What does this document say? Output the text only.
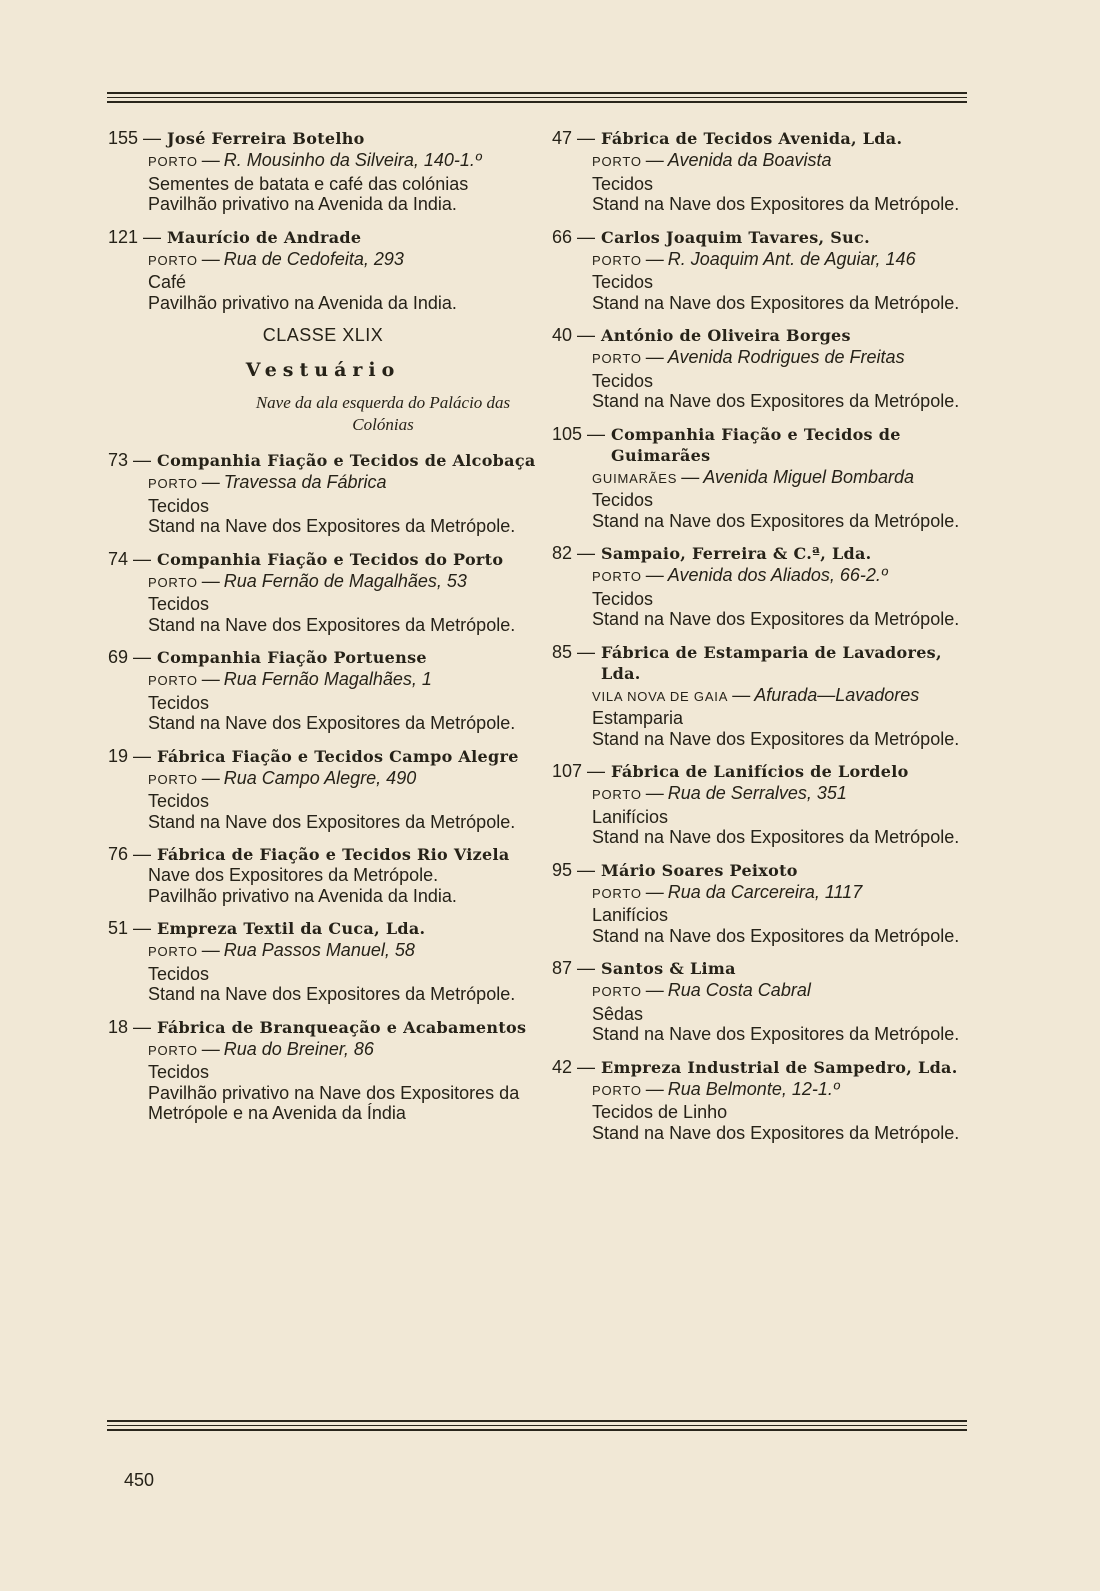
155 — José Ferreira Botelho
PORTO — R. Mousinho da Silveira, 140-1.º
Sementes de batata e café das colónias
Pavilhão privativo na Avenida da India.
121 — Maurício de Andrade
PORTO — Rua de Cedofeita, 293
Café
Pavilhão privativo na Avenida da India.
CLASSE XLIX
Vestuário
Nave da ala esquerda do Palácio das Colónias
73 — Companhia Fiação e Tecidos de Alcobaça
PORTO — Travessa da Fábrica
Tecidos
Stand na Nave dos Expositores da Metrópole.
74 — Companhia Fiação e Tecidos do Porto
PORTO — Rua Fernão de Magalhães, 53
Tecidos
Stand na Nave dos Expositores da Metrópole.
69 — Companhia Fiação Portuense
PORTO — Rua Fernão Magalhães, 1
Tecidos
Stand na Nave dos Expositores da Metrópole.
19 — Fábrica Fiação e Tecidos Campo Alegre
PORTO — Rua Campo Alegre, 490
Tecidos
Stand na Nave dos Expositores da Metrópole.
76 — Fábrica de Fiação e Tecidos Rio Vizela
Nave dos Expositores da Metrópole.
Pavilhão privativo na Avenida da India.
51 — Empreza Textil da Cuca, Lda.
PORTO — Rua Passos Manuel, 58
Tecidos
Stand na Nave dos Expositores da Metrópole.
18 — Fábrica de Branqueação e Acabamentos
PORTO — Rua do Breiner, 86
Tecidos
Pavilhão privativo na Nave dos Expositores da Metrópole e na Avenida da Índia
47 — Fábrica de Tecidos Avenida, Lda.
PORTO — Avenida da Boavista
Tecidos
Stand na Nave dos Expositores da Metrópole.
66 — Carlos Joaquim Tavares, Suc.
PORTO — R. Joaquim Ant. de Aguiar, 146
Tecidos
Stand na Nave dos Expositores da Metrópole.
40 — António de Oliveira Borges
PORTO — Avenida Rodrigues de Freitas
Tecidos
Stand na Nave dos Expositores da Metrópole.
105 — Companhia Fiação e Tecidos de Guimarães
GUIMARÃES — Avenida Miguel Bombarda
Tecidos
Stand na Nave dos Expositores da Metrópole.
82 — Sampaio, Ferreira & C.ª, Lda.
PORTO — Avenida dos Aliados, 66-2.º
Tecidos
Stand na Nave dos Expositores da Metrópole.
85 — Fábrica de Estamparia de Lavadores, Lda.
VILA NOVA DE GAIA — Afurada—Lavadores
Estamparia
Stand na Nave dos Expositores da Metrópole.
107 — Fábrica de Lanifícios de Lordelo
PORTO — Rua de Serralves, 351
Lanifícios
Stand na Nave dos Expositores da Metrópole.
95 — Mário Soares Peixoto
PORTO — Rua da Carcereira, 1117
Lanifícios
Stand na Nave dos Expositores da Metrópole.
87 — Santos & Lima
PORTO — Rua Costa Cabral
Sêdas
Stand na Nave dos Expositores da Metrópole.
42 — Empreza Industrial de Sampedro, Lda.
PORTO — Rua Belmonte, 12-1.º
Tecidos de Linho
Stand na Nave dos Expositores da Metrópole.
450
